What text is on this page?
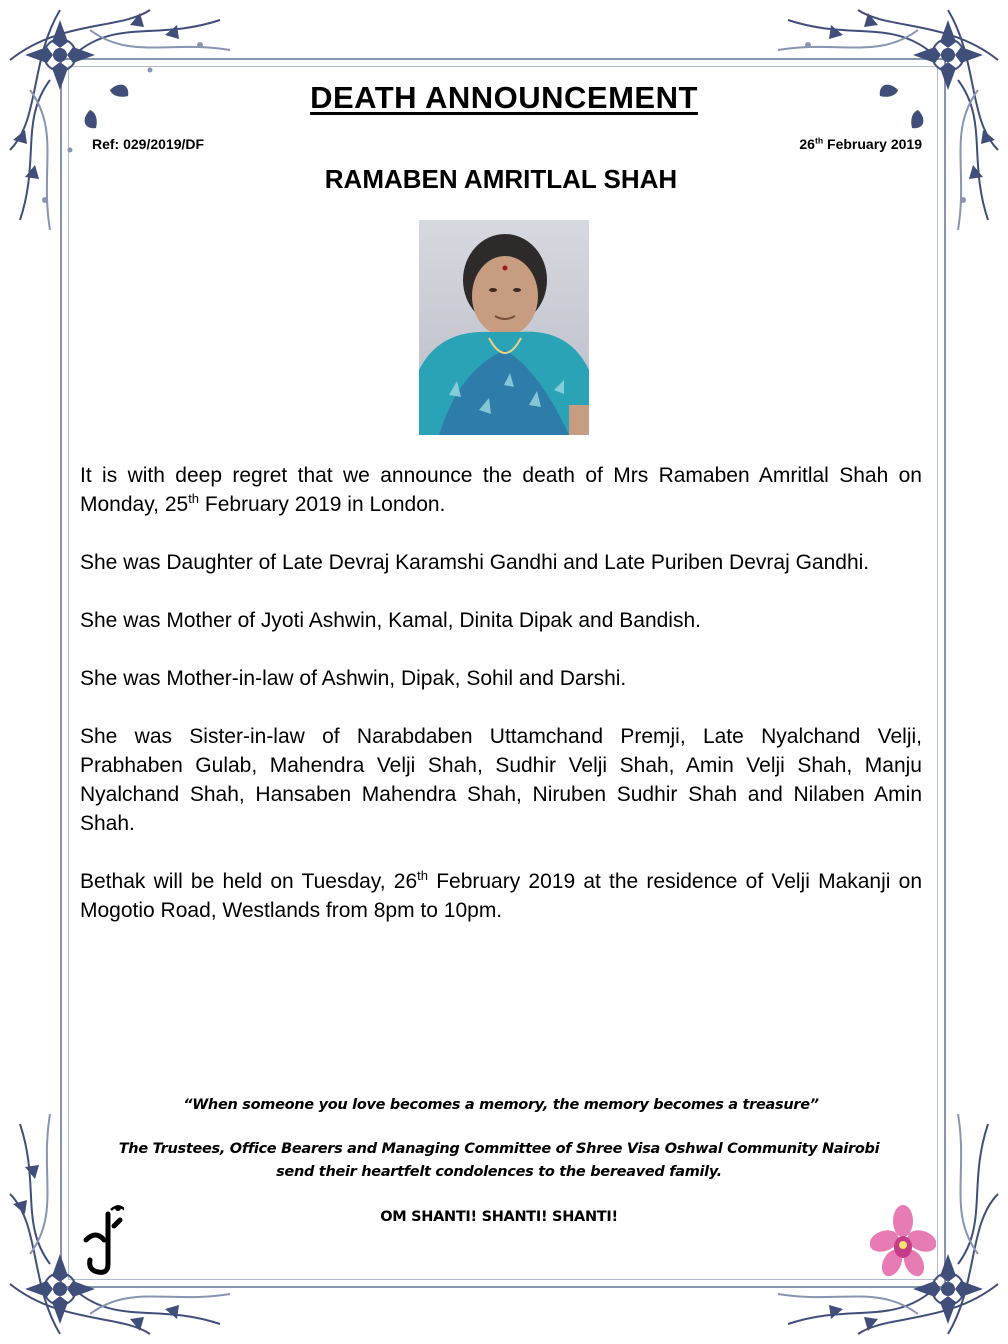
DEATH ANNOUNCEMENT
Ref: 029/2019/DF	26th February 2019
RAMABEN AMRITLAL SHAH

It is with deep regret that we announce the death of Mrs Ramaben Amritlal Shah on Monday, 25th February 2019 in London.

She was Daughter of Late Devraj Karamshi Gandhi and Late Puriben Devraj Gandhi.

She was Mother of Jyoti Ashwin, Kamal, Dinita Dipak and Bandish.

She was Mother-in-law of Ashwin, Dipak, Sohil and Darshi.

She was Sister-in-law of Narabdaben Uttamchand Premji, Late Nyalchand Velji, Prabhaben Gulab, Mahendra Velji Shah, Sudhir Velji Shah, Amin Velji Shah, Manju Nyalchand Shah, Hansaben Mahendra Shah, Niruben Sudhir Shah and Nilaben Amin Shah.

Bethak will be held on Tuesday, 26th February 2019 at the residence of Velji Makanji on Mogotio Road, Westlands from 8pm to 10pm.

“When someone you love becomes a memory, the memory becomes a treasure”
The Trustees, Office Bearers and Managing Committee of Shree Visa Oshwal Community Nairobi
send their heartfelt condolences to the bereaved family.
OM SHANTI! SHANTI! SHANTI!
